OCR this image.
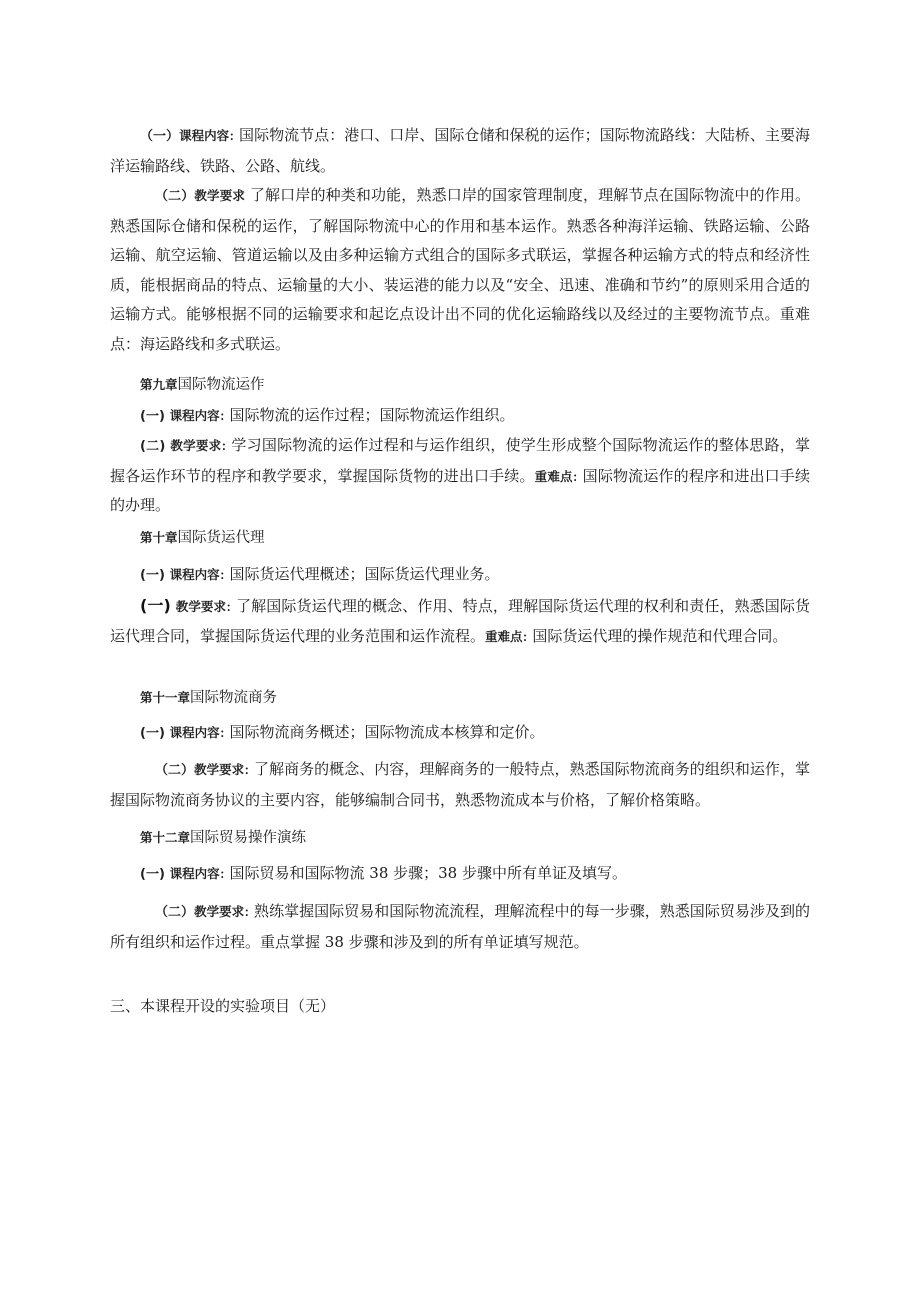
（一）课程内容: 国际物流节点：港口、口岸、国际仓储和保税的运作；国际物流路线：大陆桥、主要海洋运输路线、铁路、公路、航线。

（二）教学要求 了解口岸的种类和功能，熟悉口岸的国家管理制度，理解节点在国际物流中的作用。熟悉国际仓储和保税的运作，了解国际物流中心的作用和基本运作。熟悉各种海洋运输、铁路运输、公路运输、航空运输、管道运输以及由多种运输方式组合的国际多式联运，掌握各种运输方式的特点和经济性质，能根据商品的特点、运输量的大小、装运港的能力以及“安全、迅速、准确和节约”的原则采用合适的运输方式。能够根据不同的运输要求和起讫点设计出不同的优化运输路线以及经过的主要物流节点。重难点：海运路线和多式联运。

第九章国际物流运作

(一) 课程内容: 国际物流的运作过程；国际物流运作组织。

(二) 教学要求: 学习国际物流的运作过程和与运作组织，使学生形成整个国际物流运作的整体思路，掌握各运作环节的程序和教学要求，掌握国际货物的进出口手续。重难点: 国际物流运作的程序和进出口手续的办理。

第十章国际货运代理

(一) 课程内容: 国际货运代理概述；国际货运代理业务。

(一) 教学要求: 了解国际货运代理的概念、作用、特点，理解国际货运代理的权利和责任，熟悉国际货运代理合同，掌握国际货运代理的业务范围和运作流程。重难点: 国际货运代理的操作规范和代理合同。

第十一章国际物流商务

(一) 课程内容: 国际物流商务概述；国际物流成本核算和定价。

（二）教学要求: 了解商务的概念、内容，理解商务的一般特点，熟悉国际物流商务的组织和运作，掌握国际物流商务协议的主要内容，能够编制合同书，熟悉物流成本与价格，了解价格策略。

第十二章国际贸易操作演练

(一) 课程内容: 国际贸易和国际物流 38 步骤；38 步骤中所有单证及填写。

（二）教学要求: 熟练掌握国际贸易和国际物流流程，理解流程中的每一步骤，熟悉国际贸易涉及到的所有组织和运作过程。重点掌握 38 步骤和涉及到的所有单证填写规范。

三、本课程开设的实验项目（无）
